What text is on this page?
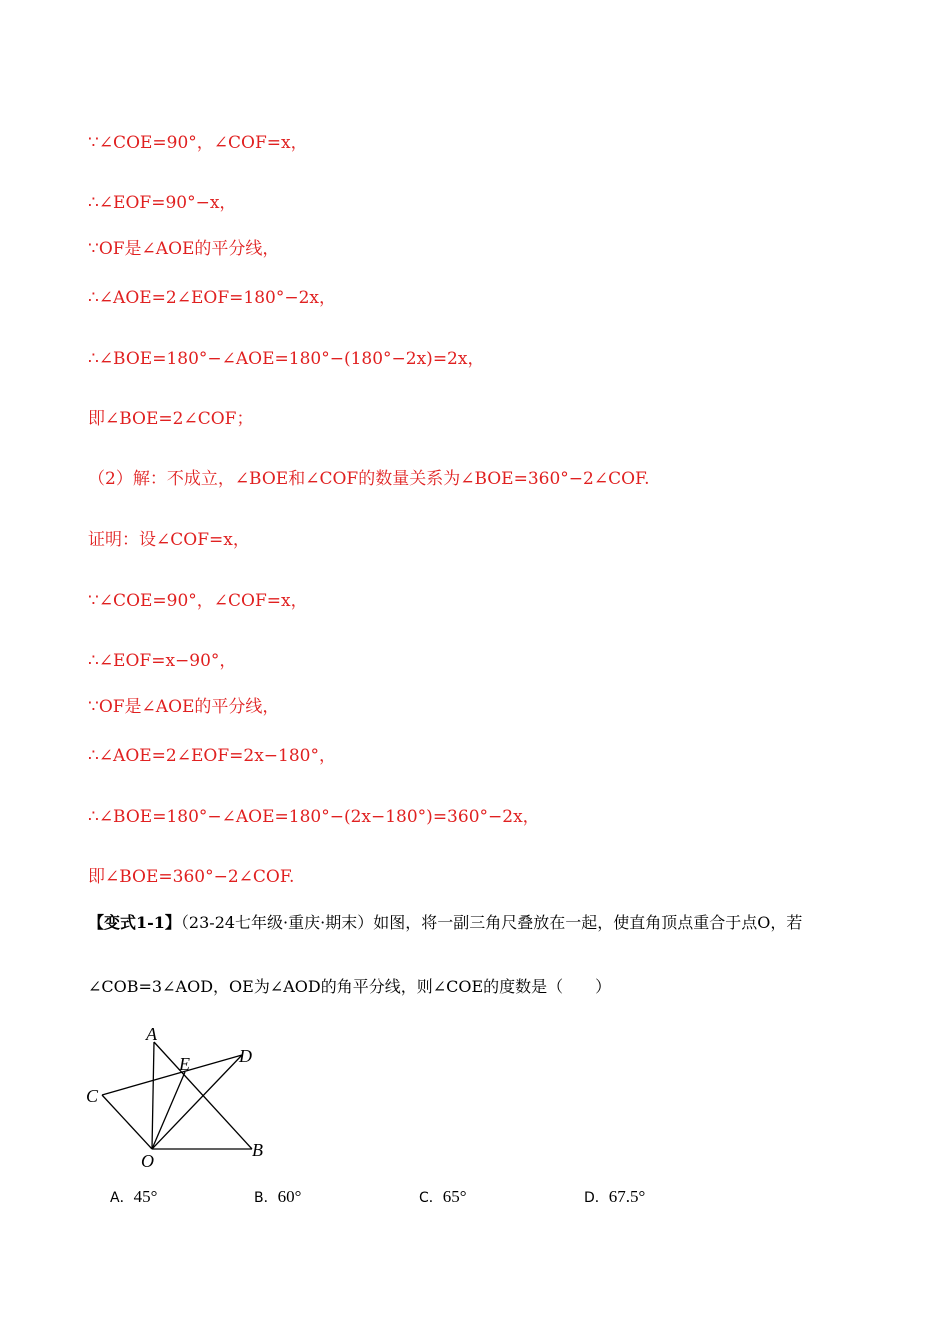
∵∠COE=90°，∠COF=x，
∴∠EOF=90°−x，
∵OF是∠AOE的平分线，
∴∠AOE=2∠EOF=180°−2x，
∴∠BOE=180°−∠AOE=180°−(180°−2x)=2x，
即∠BOE=2∠COF；
（2）解：不成立，∠BOE和∠COF的数量关系为∠BOE=360°−2∠COF.
证明：设∠COF=x，
∵∠COE=90°，∠COF=x，
∴∠EOF=x−90°，
∵OF是∠AOE的平分线，
∴∠AOE=2∠EOF=2x−180°，
∴∠BOE=180°−∠AOE=180°−(2x−180°)=360°−2x，
即∠BOE=360°−2∠COF.
【变式1-1】（23-24七年级·重庆·期末）如图，将一副三角尺叠放在一起，使直角顶点重合于点O，若
∠COB=3∠AOD，OE为∠AOD的角平分线，则∠COE的度数是（　　）
A
E	D
C
O
B
A．45°	B．60°	C．65°	D．67.5°
